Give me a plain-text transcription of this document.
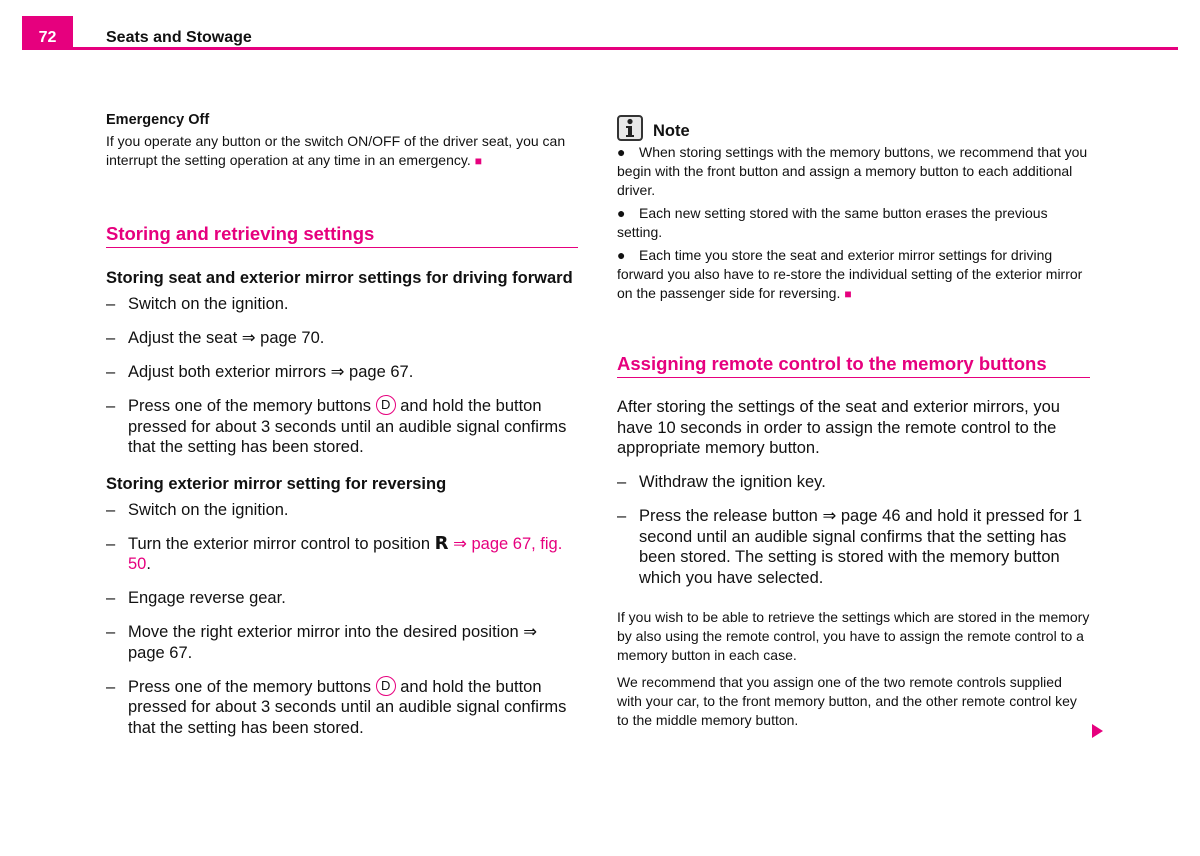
72	Seats and Stowage

Emergency Off

If you operate any button or the switch ON/OFF of the driver seat, you can interrupt the setting operation at any time in an emergency. ■

Storing and retrieving settings

Storing seat and exterior mirror settings for driving forward

– Switch on the ignition.
– Adjust the seat ⇒ page 70.
– Adjust both exterior mirrors ⇒ page 67.
– Press one of the memory buttons D and hold the button pressed for about 3 seconds until an audible signal confirms that the setting has been stored.

Storing exterior mirror setting for reversing

– Switch on the ignition.
– Turn the exterior mirror control to position R ⇒ page 67, fig. 50.
– Engage reverse gear.
– Move the right exterior mirror into the desired position ⇒ page 67.
– Press one of the memory buttons D and hold the button pressed for about 3 seconds until an audible signal confirms that the setting has been stored.
Note

● When storing settings with the memory buttons, we recommend that you begin with the front button and assign a memory button to each additional driver.

● Each new setting stored with the same button erases the previous setting.

● Each time you store the seat and exterior mirror settings for driving forward you also have to re-store the individual setting of the exterior mirror on the passenger side for reversing. ■

Assigning remote control to the memory buttons

After storing the settings of the seat and exterior mirrors, you have 10 seconds in order to assign the remote control to the appropriate memory button.

– Withdraw the ignition key.
– Press the release button ⇒ page 46 and hold it pressed for 1 second until an audible signal confirms that the setting has been stored. The setting is stored with the memory button which you have selected.

If you wish to be able to retrieve the settings which are stored in the memory by also using the remote control, you have to assign the remote control to a memory button in each case.

We recommend that you assign one of the two remote controls supplied with your car, to the front memory button, and the other remote control key to the middle memory button.
